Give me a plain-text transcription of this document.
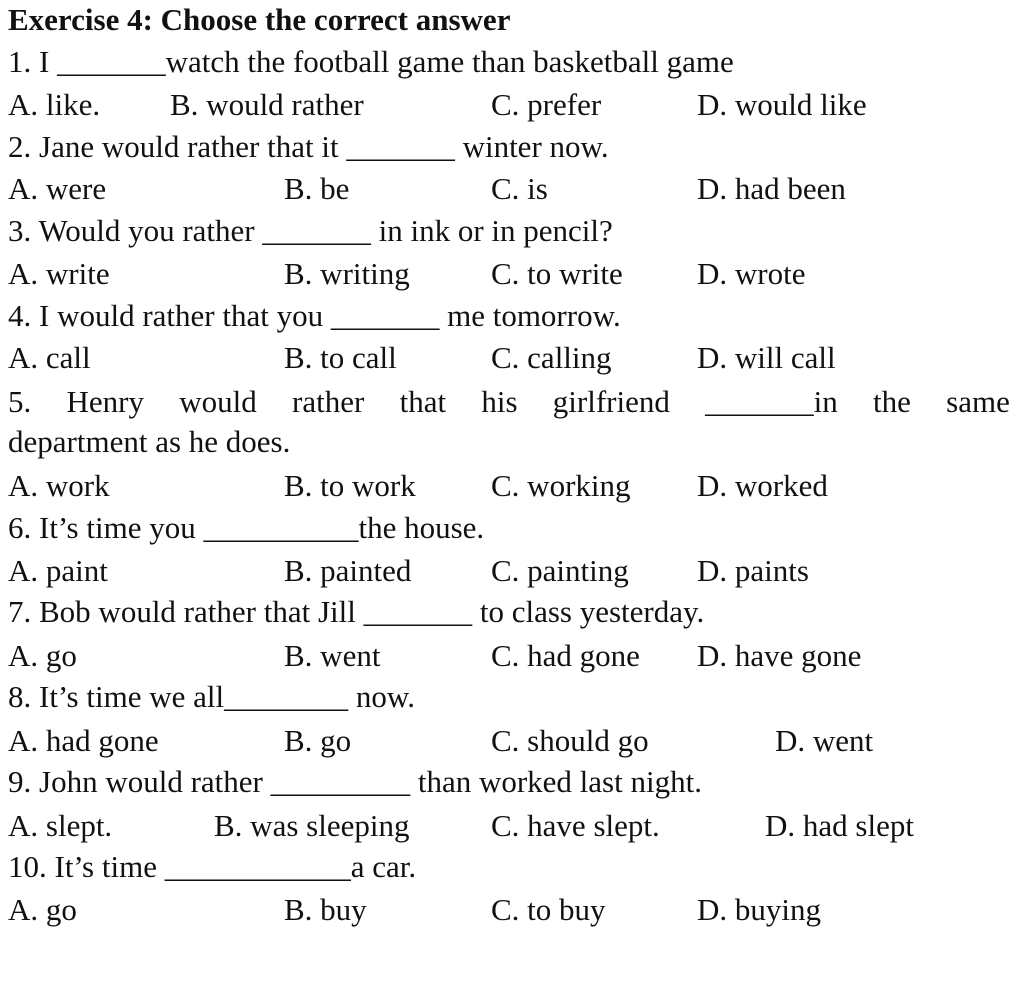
Exercise 4: Choose the correct answer
1. I _______watch the football game than basketball game
A. like. B. would rather	C. prefer	D. would like
2. Jane would rather that it _______ winter now.
A. were	B. be	C. is	D. had been
3. Would you rather _______ in ink or in pencil?
A. write	B. writing	C. to write D. wrote
4. I would rather that you _______ me tomorrow.
A. call	B. to call	C. calling	D. will call
5. Henry would rather that his girlfriend _______in the same
department as he does.
A. work	B. to work C. working D. worked
6. It’s time you __________the house.
A. paint	B. painted	C. painting D. paints
7. Bob would rather that Jill _______ to class yesterday.
A. go	B. went	C. had gone D. have gone
8. It’s time we all________ now.
A. had gone	B. go	C. should go	D. went
9. John would rather _________ than worked last night.
A. slept.	B. was sleeping	C. have slept.	D. had slept
10. It’s time ____________a car.
A. go	B. buy	C. to buy	D. buying
